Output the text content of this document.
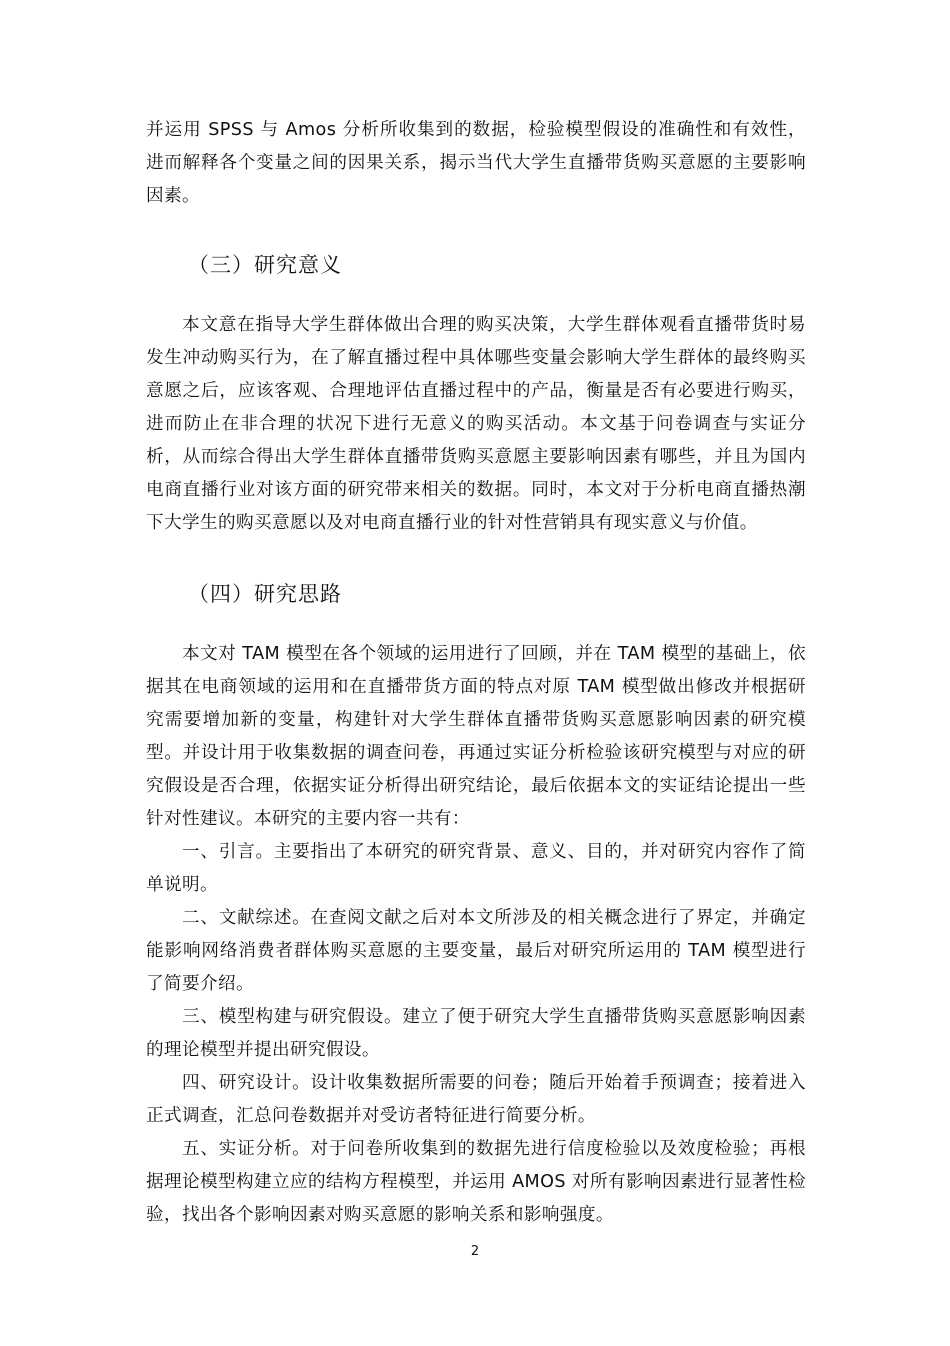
并运用 SPSS 与 Amos 分析所收集到的数据，检验模型假设的准确性和有效性，进而解释各个变量之间的因果关系，揭示当代大学生直播带货购买意愿的主要影响因素。

（三）研究意义

本文意在指导大学生群体做出合理的购买决策，大学生群体观看直播带货时易发生冲动购买行为，在了解直播过程中具体哪些变量会影响大学生群体的最终购买意愿之后，应该客观、合理地评估直播过程中的产品，衡量是否有必要进行购买，进而防止在非合理的状况下进行无意义的购买活动。本文基于问卷调查与实证分析，从而综合得出大学生群体直播带货购买意愿主要影响因素有哪些，并且为国内电商直播行业对该方面的研究带来相关的数据。同时，本文对于分析电商直播热潮下大学生的购买意愿以及对电商直播行业的针对性营销具有现实意义与价值。

（四）研究思路

本文对 TAM 模型在各个领域的运用进行了回顾，并在 TAM 模型的基础上，依据其在电商领域的运用和在直播带货方面的特点对原 TAM 模型做出修改并根据研究需要增加新的变量，构建针对大学生群体直播带货购买意愿影响因素的研究模型。并设计用于收集数据的调查问卷，再通过实证分析检验该研究模型与对应的研究假设是否合理，依据实证分析得出研究结论，最后依据本文的实证结论提出一些针对性建议。本研究的主要内容一共有：

一、引言。主要指出了本研究的研究背景、意义、目的，并对研究内容作了简单说明。

二、文献综述。在查阅文献之后对本文所涉及的相关概念进行了界定，并确定能影响网络消费者群体购买意愿的主要变量，最后对研究所运用的 TAM 模型进行了简要介绍。

三、模型构建与研究假设。建立了便于研究大学生直播带货购买意愿影响因素的理论模型并提出研究假设。

四、研究设计。设计收集数据所需要的问卷；随后开始着手预调查；接着进入正式调查，汇总问卷数据并对受访者特征进行简要分析。

五、实证分析。对于问卷所收集到的数据先进行信度检验以及效度检验；再根据理论模型构建立应的结构方程模型，并运用 AMOS 对所有影响因素进行显著性检验，找出各个影响因素对购买意愿的影响关系和影响强度。

2
